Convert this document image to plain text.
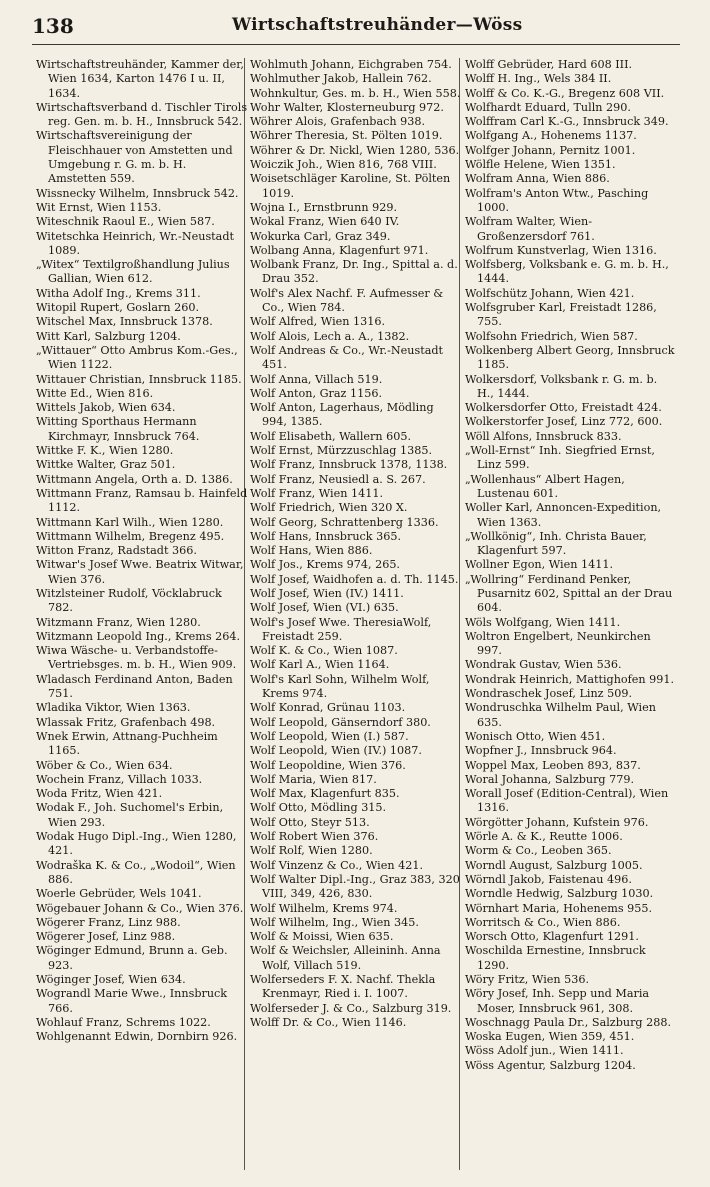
138	Wirtschaftstreuhänder—Wöss
Wirtschaftstreuhänder, Kammer der, Wien 1634, Karton 1476 I u. II, 1634.
Wirtschaftsverband d. Tischler Tirols reg. Gen. m. b. H., Innsbruck 542.
Wirtschaftsvereinigung der Fleischhauer von Amstetten und Umgebung r. G. m. b. H. Amstetten 559.
Wissnecky Wilhelm, Innsbruck 542.
Wit Ernst, Wien 1153.
Witeschnik Raoul E., Wien 587.
Witetschka Heinrich, Wr.-Neustadt 1089.
„Witex“ Textilgroßhandlung Julius Gallian, Wien 612.
Witha Adolf Ing., Krems 311.
Witopil Rupert, Goslarn 260.
Witschel Max, Innsbruck 1378.
Witt Karl, Salzburg 1204.
„Wittauer“ Otto Ambrus Kom.-Ges., Wien 1122.
Wittauer Christian, Innsbruck 1185.
Witte Ed., Wien 816.
Wittels Jakob, Wien 634.
Witting Sporthaus Hermann Kirchmayr, Innsbruck 764.
Wittke F. K., Wien 1280.
Wittke Walter, Graz 501.
Wittmann Angela, Orth a. D. 1386.
Wittmann Franz, Ramsau b. Hainfeld 1112.
Wittmann Karl Wilh., Wien 1280.
Wittmann Wilhelm, Bregenz 495.
Witton Franz, Radstadt 366.
Witwar's Josef Wwe. Beatrix Witwar, Wien 376.
Witzlsteiner Rudolf, Vöcklabruck 782.
Witzmann Franz, Wien 1280.
Witzmann Leopold Ing., Krems 264.
Wiwa Wäsche- u. Verbandstoffe-Vertriebsges. m. b. H., Wien 909.
Wladasch Ferdinand Anton, Baden 751.
Wladika Viktor, Wien 1363.
Wlassak Fritz, Grafenbach 498.
Wnek Erwin, Attnang-Puchheim 1165.
Wöber & Co., Wien 634.
Wochein Franz, Villach 1033.
Woda Fritz, Wien 421.
Wodak F., Joh. Suchomel's Erbin, Wien 293.
Wodak Hugo Dipl.-Ing., Wien 1280, 421.
Wodraška K. & Co., „Wodoil“, Wien 886.
Woerle Gebrüder, Wels 1041.
Wögebauer Johann & Co., Wien 376.
Wögerer Franz, Linz 988.
Wögerer Josef, Linz 988.
Wöginger Edmund, Brunn a. Geb. 923.
Wöginger Josef, Wien 634.
Wograndl Marie Wwe., Innsbruck 766.
Wohlauf Franz, Schrems 1022.
Wohlgenannt Edwin, Dornbirn 926.
Wohlmuth Johann, Eichgraben 754.
Wohlmuther Jakob, Hallein 762.
Wohnkultur, Ges. m. b. H., Wien 558.
Wohr Walter, Klosterneuburg 972.
Wöhrer Alois, Grafenbach 938.
Wöhrer Theresia, St. Pölten 1019.
Wöhrer & Dr. Nickl, Wien 1280, 536.
Woiczik Joh., Wien 816, 768 VIII.
Woisetschläger Karoline, St. Pölten 1019.
Wojna I., Ernstbrunn 929.
Wokal Franz, Wien 640 IV.
Wokurka Carl, Graz 349.
Wolbang Anna, Klagenfurt 971.
Wolbank Franz, Dr. Ing., Spittal a. d. Drau 352.
Wolf's Alex Nachf. F. Aufmesser & Co., Wien 784.
Wolf Alfred, Wien 1316.
Wolf Alois, Lech a. A., 1382.
Wolf Andreas & Co., Wr.-Neustadt 451.
Wolf Anna, Villach 519.
Wolf Anton, Graz 1156.
Wolf Anton, Lagerhaus, Mödling 994, 1385.
Wolf Elisabeth, Wallern 605.
Wolf Ernst, Mürzzuschlag 1385.
Wolf Franz, Innsbruck 1378, 1138.
Wolf Franz, Neusiedl a. S. 267.
Wolf Franz, Wien 1411.
Wolf Friedrich, Wien 320 X.
Wolf Georg, Schrattenberg 1336.
Wolf Hans, Innsbruck 365.
Wolf Hans, Wien 886.
Wolf Jos., Krems 974, 265.
Wolf Josef, Waidhofen a. d. Th. 1145.
Wolf Josef, Wien (IV.) 1411.
Wolf Josef, Wien (VI.) 635.
Wolf's Josef Wwe. TheresiaWolf, Freistadt 259.
Wolf K. & Co., Wien 1087.
Wolf Karl A., Wien 1164.
Wolf's Karl Sohn, Wilhelm Wolf, Krems 974.
Wolf Konrad, Grünau 1103.
Wolf Leopold, Gänserndorf 380.
Wolf Leopold, Wien (I.) 587.
Wolf Leopold, Wien (IV.) 1087.
Wolf Leopoldine, Wien 376.
Wolf Maria, Wien 817.
Wolf Max, Klagenfurt 835.
Wolf Otto, Mödling 315.
Wolf Otto, Steyr 513.
Wolf Robert Wien 376.
Wolf Rolf, Wien 1280.
Wolf Vinzenz & Co., Wien 421.
Wolf Walter Dipl.-Ing., Graz 383, 320 VIII, 349, 426, 830.
Wolf Wilhelm, Krems 974.
Wolf Wilhelm, Ing., Wien 345.
Wolf & Moissi, Wien 635.
Wolf & Weichsler, Alleininh. Anna Wolf, Villach 519.
Wolferseders F. X. Nachf. Thekla Krenmayr, Ried i. I. 1007.
Wolferseder J. & Co., Salzburg 319.
Wolff Dr. & Co., Wien 1146.
Wolff Gebrüder, Hard 608 III.
Wolff H. Ing., Wels 384 II.
Wolff & Co. K.-G., Bregenz 608 VII.
Wolfhardt Eduard, Tulln 290.
Wolffram Carl K.-G., Innsbruck 349.
Wolfgang A., Hohenems 1137.
Wolfger Johann, Pernitz 1001.
Wölfle Helene, Wien 1351.
Wolfram Anna, Wien 886.
Wolfram's Anton Wtw., Pasching 1000.
Wolfram Walter, Wien-Großenzersdorf 761.
Wolfrum Kunstverlag, Wien 1316.
Wolfsberg, Volksbank e. G. m. b. H., 1444.
Wolfschütz Johann, Wien 421.
Wolfsgruber Karl, Freistadt 1286, 755.
Wolfsohn Friedrich, Wien 587.
Wolkenberg Albert Georg, Innsbruck 1185.
Wolkersdorf, Volksbank r. G. m. b. H., 1444.
Wolkersdorfer Otto, Freistadt 424.
Wolkerstorfer Josef, Linz 772, 600.
Wöll Alfons, Innsbruck 833.
„Woll-Ernst“ Inh. Siegfried Ernst, Linz 599.
„Wollenhaus“ Albert Hagen, Lustenau 601.
Woller Karl, Annoncen-Expedition, Wien 1363.
„Wollkönig“, Inh. Christa Bauer, Klagenfurt 597.
Wollner Egon, Wien 1411.
„Wollring“ Ferdinand Penker, Pusarnitz 602, Spittal an der Drau 604.
Wöls Wolfgang, Wien 1411.
Woltron Engelbert, Neunkirchen 997.
Wondrak Gustav, Wien 536.
Wondrak Heinrich, Mattighofen 991.
Wondraschek Josef, Linz 509.
Wondruschka Wilhelm Paul, Wien 635.
Wonisch Otto, Wien 451.
Wopfner J., Innsbruck 964.
Woppel Max, Leoben 893, 837.
Woral Johanna, Salzburg 779.
Worall Josef (Edition-Central), Wien 1316.
Wörgötter Johann, Kufstein 976.
Wörle A. & K., Reutte 1006.
Worm & Co., Leoben 365.
Worndl August, Salzburg 1005.
Wörndl Jakob, Faistenau 496.
Worndle Hedwig, Salzburg 1030.
Wörnhart Maria, Hohenems 955.
Worritsch & Co., Wien 886.
Worsch Otto, Klagenfurt 1291.
Woschilda Ernestine, Innsbruck 1290.
Wöry Fritz, Wien 536.
Wöry Josef, Inh. Sepp und Maria Moser, Innsbruck 961, 308.
Woschnagg Paula Dr., Salzburg 288.
Woska Eugen, Wien 359, 451.
Wöss Adolf jun., Wien 1411.
Wöss Agentur, Salzburg 1204.
